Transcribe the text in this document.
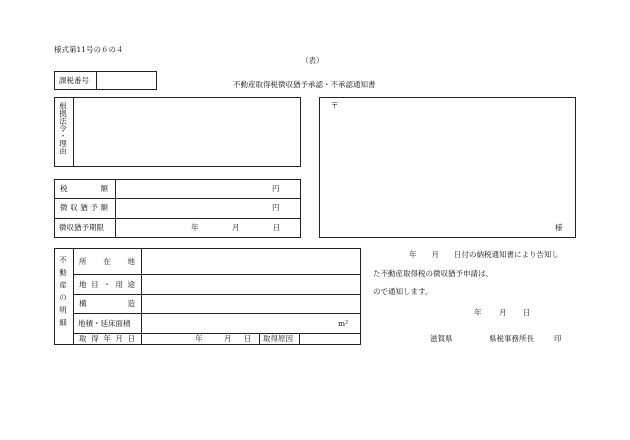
様式第11号の６の４
（表）
不動産取得税徴収猶予承認・不承認通知書
課税番号
根拠法令・理由	〒
様
税	額	円
徴 収 猶 予 額	円
徴収猶予期限	年	月	日
不動産の明細 所 在 地
地 目 ・ 用 途
構	造
地積・延床面積	m²
取 得 年 月 日	年	月 日 取得原因
年　　月　　日付の納税通知書により告知し
た不動産取得税の徴収猶予申請は、
ので通知します。
年 月 日
滋賀県	県税事務所長	印
